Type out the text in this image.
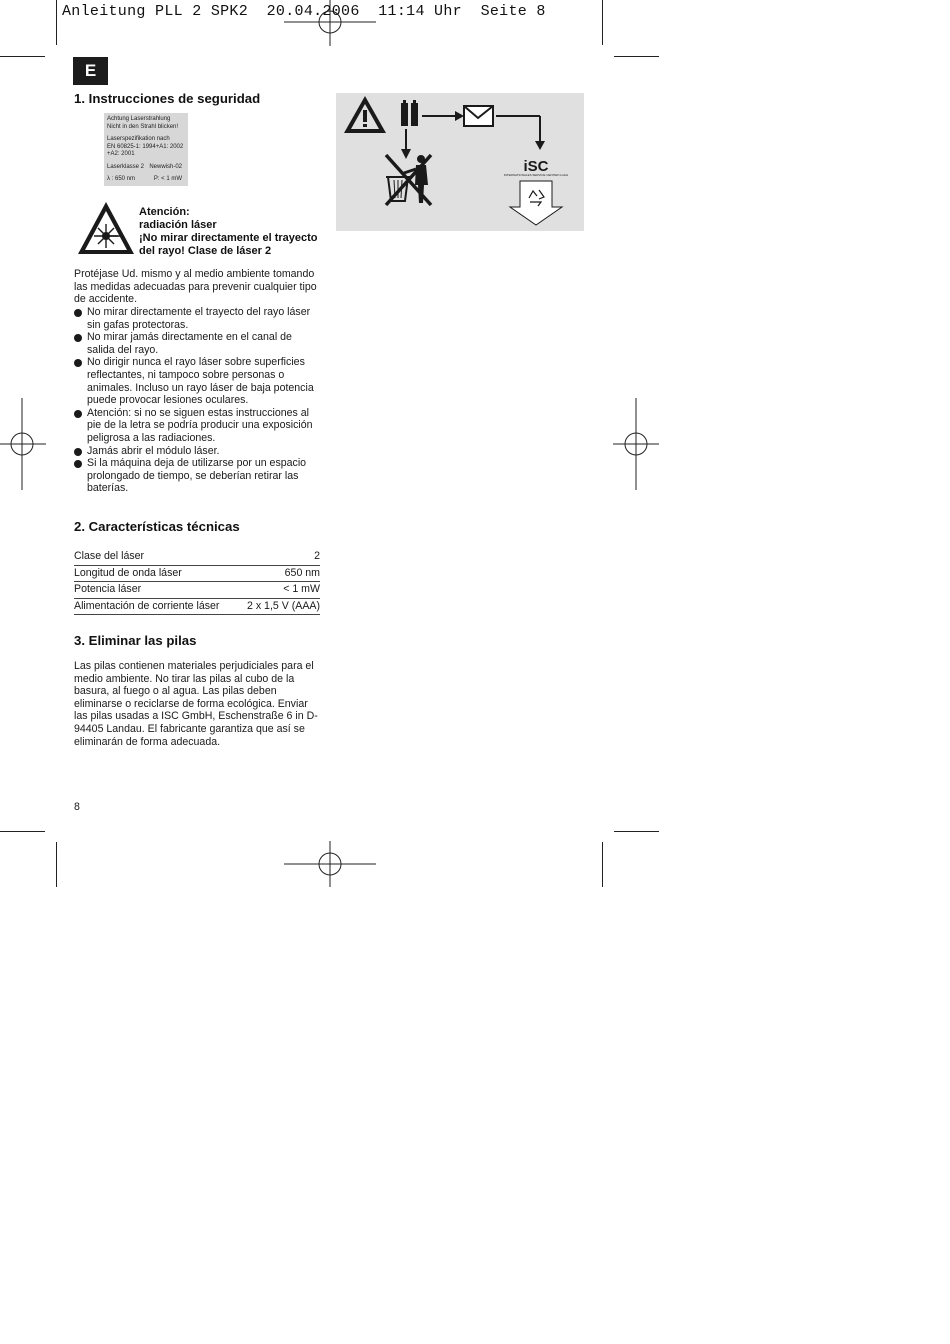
Anleitung PLL 2 SPK2  20.04.2006  11:14 Uhr  Seite 8
E
1. Instrucciones de seguridad
Achtung Laserstrahlung
Nicht in den Strahl blicken!
Laserspezifikation nach
EN 60825-1: 1994+A1: 2002
+A2: 2001
Laserklasse 2 Newwish-02
λ : 650 nm	P: < 1 mW
Atención:
radiación láser
¡No mirar directamente el trayecto
del rayo! Clase de láser 2
Protéjase Ud. mismo y al medio ambiente tomando las medidas adecuadas para prevenir cualquier tipo de accidente.
No mirar directamente el trayecto del rayo láser sin gafas protectoras.
No mirar jamás directamente en el canal de salida del rayo.
No dirigir nunca el rayo láser sobre superficies reflectantes, ni tampoco sobre personas o animales. Incluso un rayo láser de baja potencia puede provocar lesiones oculares.
Atención: si no se siguen estas instrucciones al pie de la letra se podría producir una exposición peligrosa a las radiaciones.
Jamás abrir el módulo láser.
Si la máquina deja de utilizarse por un espacio prolongado de tiempo, se deberían retirar las baterías.
2. Características técnicas
Clase del láser	2
Longitud de onda láser	650 nm
Potencia láser	< 1 mW
Alimentación de corriente láser	2 x 1,5 V (AAA)
3. Eliminar las pilas
Las pilas contienen materiales perjudiciales para el medio ambiente. No tirar las pilas al cubo de la basura, al fuego o al agua. Las pilas deben eliminarse o reciclarse de forma ecológica. Enviar las pilas usadas a ISC GmbH, Eschenstraße 6 in D-94405 Landau. El fabricante garantiza que así se eliminarán de forma adecuada.
8
iSC
INTERNATIONALES SERVICE CENTER GmbH
